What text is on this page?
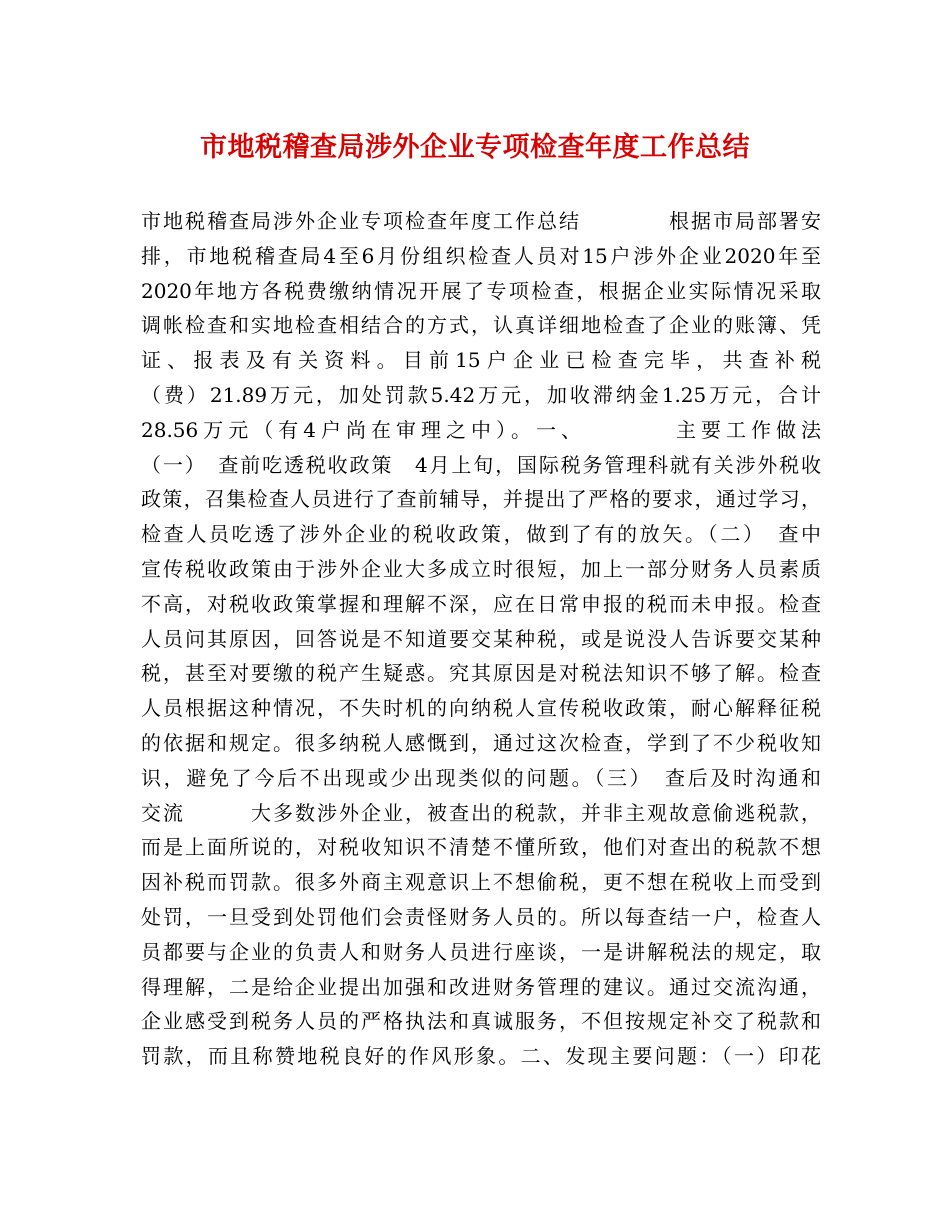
市地税稽查局涉外企业专项检查年度工作总结
市地税稽查局涉外企业专项检查年度工作总结　　　　根据市局部署安
排，市地税稽查局4至6月份组织检查人员对15户涉外企业2020年至
2020年地方各税费缴纳情况开展了专项检查，根据企业实际情况采取
调帐检查和实地检查相结合的方式，认真详细地检查了企业的账簿、凭
证、报表及有关资料。目前15户企业已检查完毕，共查补税
（费）21.89万元，加处罚款5.42万元，加收滞纳金1.25万元，合计
28.56万元（有4户尚在审理之中）。一、　　　　主要工作做法
（一）　查前吃透税收政策　4月上旬，国际税务管理科就有关涉外税收
政策，召集检查人员进行了查前辅导，并提出了严格的要求，通过学习，
检查人员吃透了涉外企业的税收政策，做到了有的放矢。（二）　查中
宣传税收政策由于涉外企业大多成立时很短，加上一部分财务人员素质
不高，对税收政策掌握和理解不深，应在日常申报的税而未申报。检查
人员问其原因，回答说是不知道要交某种税，或是说没人告诉要交某种
税，甚至对要缴的税产生疑惑。究其原因是对税法知识不够了解。检查
人员根据这种情况，不失时机的向纳税人宣传税收政策，耐心解释征税
的依据和规定。很多纳税人感慨到，通过这次检查，学到了不少税收知
识，避免了今后不出现或少出现类似的问题。（三）　查后及时沟通和
交流　　　大多数涉外企业，被查出的税款，并非主观故意偷逃税款，
而是上面所说的，对税收知识不清楚不懂所致，他们对查出的税款不想
因补税而罚款。很多外商主观意识上不想偷税，更不想在税收上而受到
处罚，一旦受到处罚他们会责怪财务人员的。所以每查结一户，检查人
员都要与企业的负责人和财务人员进行座谈，一是讲解税法的规定，取
得理解，二是给企业提出加强和改进财务管理的建议。通过交流沟通，
企业感受到税务人员的严格执法和真诚服务，不但按规定补交了税款和
罚款，而且称赞地税良好的作风形象。二、发现主要问题：（一）印花
